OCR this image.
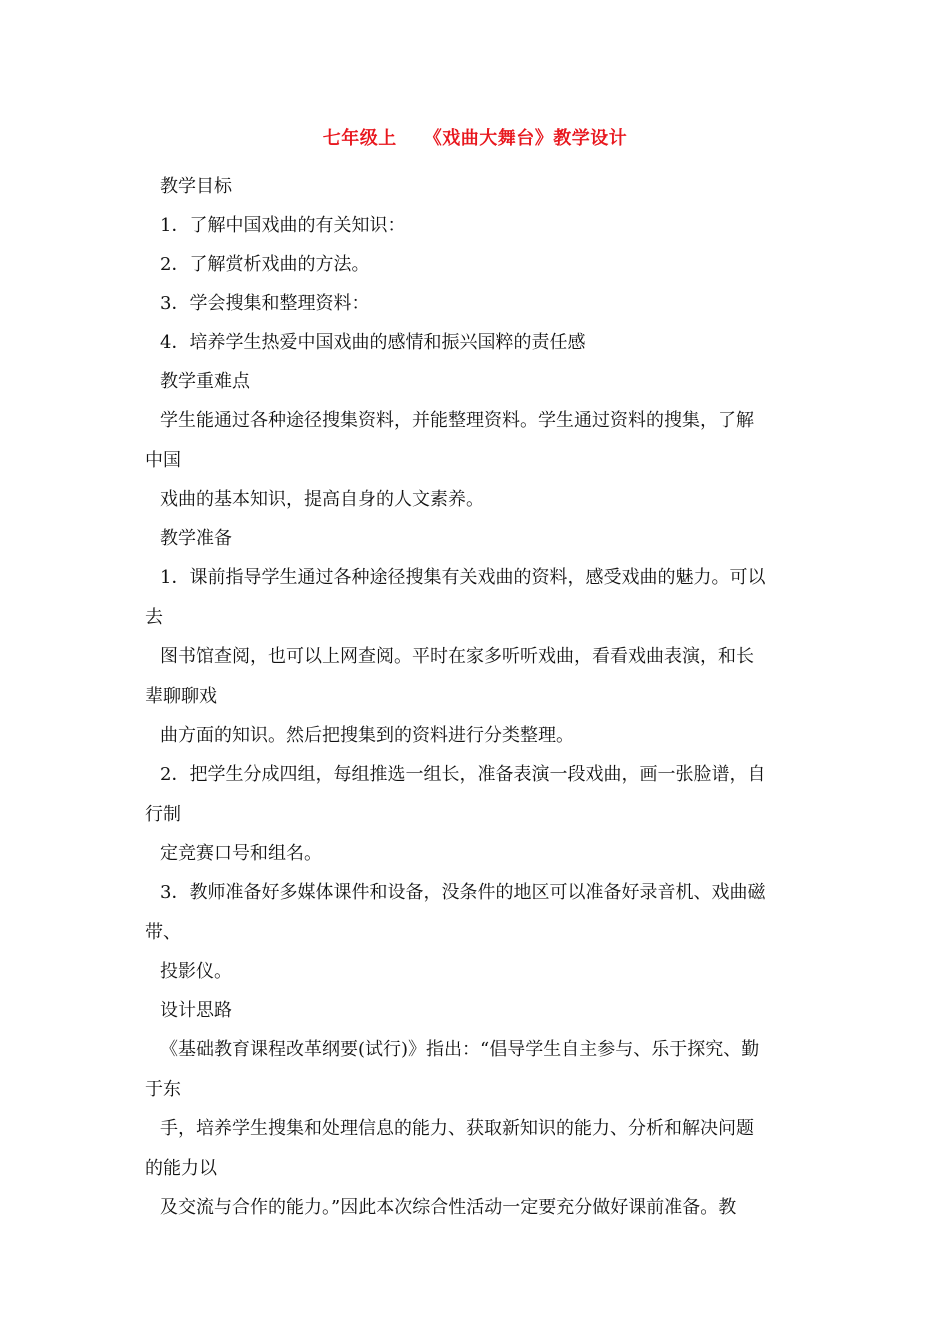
七年级上    《戏曲大舞台》教学设计
教学目标
1．了解中国戏曲的有关知识：
2．了解赏析戏曲的方法。
3．学会搜集和整理资料：
4．培养学生热爱中国戏曲的感情和振兴国粹的责任感
教学重难点
学生能通过各种途径搜集资料，并能整理资料。学生通过资料的搜集，了解
中国
戏曲的基本知识，提高自身的人文素养。
教学准备
1．课前指导学生通过各种途径搜集有关戏曲的资料，感受戏曲的魅力。可以
去
图书馆查阅，也可以上网查阅。平时在家多听听戏曲，看看戏曲表演，和长
辈聊聊戏
曲方面的知识。然后把搜集到的资料进行分类整理。
2．把学生分成四组，每组推选一组长，准备表演一段戏曲，画一张脸谱，自
行制
定竞赛口号和组名。
3．教师准备好多媒体课件和设备，没条件的地区可以准备好录音机、戏曲磁
带、
投影仪。
设计思路
《基础教育课程改革纲要(试行)》指出：“倡导学生自主参与、乐于探究、勤
于东
手，培养学生搜集和处理信息的能力、获取新知识的能力、分析和解决问题
的能力以
及交流与合作的能力。”因此本次综合性活动一定要充分做好课前准备。教
